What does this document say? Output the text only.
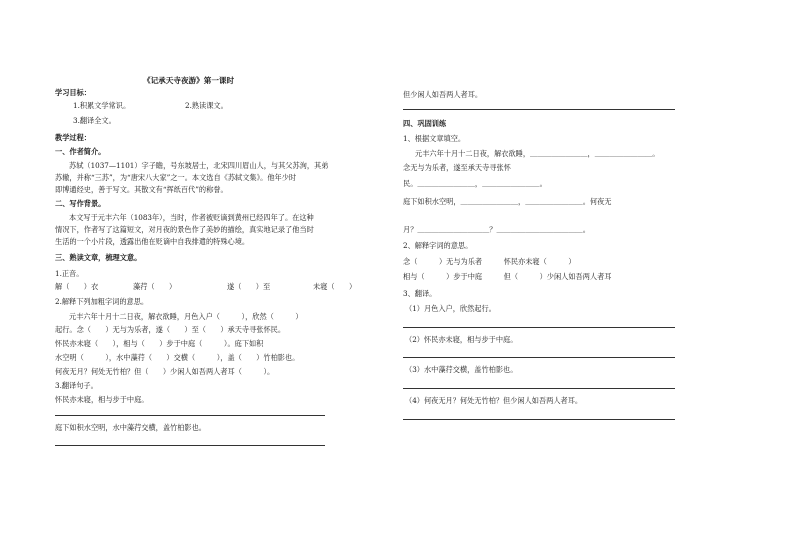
《记承天寺夜游》第一课时
学习目标：
1.积累文学常识。	2.熟读课文。
3.翻译全文。
教学过程：
一、作者简介。
苏轼（1037—1101）字子瞻，号东坡居士，北宋四川眉山人，与其父苏洵，其弟
苏辙，并称“三苏”，为“唐宋八大家”之一。本文选自《苏轼文集》。他年少时
即博通经史，善于写文。其散文有“挥纸百代”的称誉。
二、写作背景。
本文写于元丰六年（1083年），当时，作者被贬谪到黄州已经四年了。在这种
情况下，作者写了这篇短文，对月夜的景色作了美妙的描绘，真实地记录了他当时
生活的一个小片段，透露出他在贬谪中自我排遣的特殊心境。
三、熟读文章，梳理文意。
1.正音。
解（　　）衣	藻荇（　　）	遂（　　）至	未寝（　　）
2.解释下列加粗字词的意思。
元丰六年十月十二日夜，解衣欲睡，月色入户（　　　），欣然（　　　）
起行。念（　　）无与为乐者，遂（　　）至（　　）承天寺寻张怀民。
怀民亦未寝（　　），相与（　　）步于中庭（　　　）。庭下如积
水空明（　　　），水中藻荇（　　）交横（　　　），盖（　　）竹柏影也。
何夜无月？何处无竹柏？但（　　）少闲人如吾两人者耳（　　　）。
3.翻译句子。
怀民亦未寝，相与步于中庭。
庭下如积水空明，水中藻荇交横，盖竹柏影也。
但少闲人如吾两人者耳。
四、巩固训练
1、根据文章填空。
元丰六年十月十二日夜，解衣欲睡，＿＿＿＿＿＿＿＿，＿＿＿＿＿＿＿＿。
念无与为乐者，遂至承天寺寻张怀
民。＿＿＿＿＿＿＿＿，＿＿＿＿＿＿＿＿。
庭下如积水空明，＿＿＿＿＿＿＿＿，＿＿＿＿＿＿＿＿。何夜无
月？＿＿＿＿＿＿＿＿＿＿？＿＿＿＿＿＿＿＿＿＿＿＿。
2、解释字词的意思。
念（　　　）无与为乐者　　　怀民亦未寝（　　　）
相与（　　　）步于中庭　　　但（　　　）少闲人如吾两人者耳
3、翻译。
（1）月色入户，欣然起行。
（2）怀民亦未寝，相与步于中庭。
（3）水中藻荇交横，盖竹柏影也。
（4）何夜无月？何处无竹柏？但少闲人如吾两人者耳。
